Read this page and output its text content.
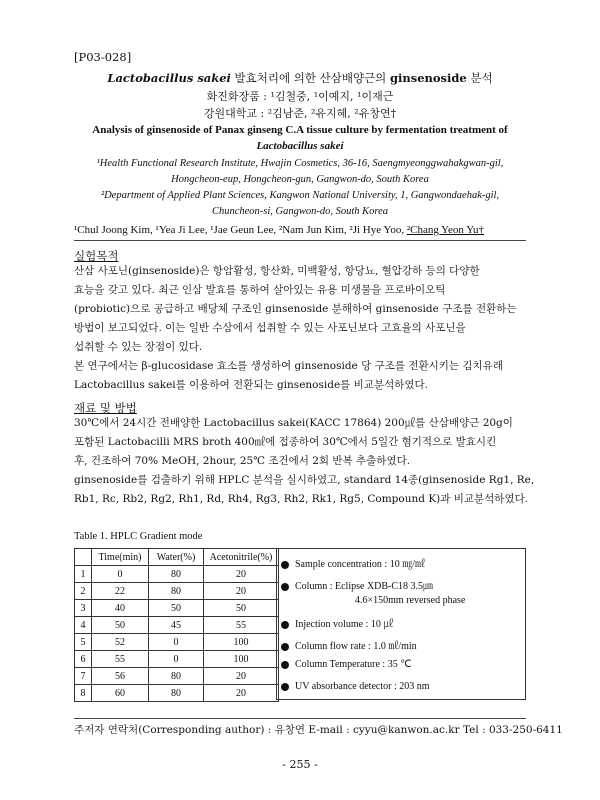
[P03-028]
Lactobacillus sakei 발효처리에 의한 산삼배양근의 ginsenoside 분석
화진화장품 : ¹김철중, ¹이예지, ¹이재근
강원대학교 : ²김남준, ²유지혜, ²유창연†
Analysis of ginsenoside of Panax ginseng C.A tissue culture by fermentation treatment of
Lactobacillus sakei
¹Health Functional Research Institute, Hwajin Cosmetics, 36-16, Saengmyeonggwahakgwan-gil,
Hongcheon-eup, Hongcheon-gun, Gangwon-do, South Korea
²Department of Applied Plant Sciences, Kangwon National University, 1, Gangwondaehak-gil,
Chuncheon-si, Gangwon-do, South Korea
¹Chul Joong Kim, ¹Yea Ji Lee, ¹Jae Geun Lee, ²Nam Jun Kim, ²Ji Hye Yoo, ²Chang Yeon Yu†
실험목적
산삼 사포닌(ginsenoside)은 항암활성, 항산화, 미백활성, 항당뇨, 혈압강하 등의 다양한
효능을 갖고 있다. 최근 인삼 발효를 통하여 살아있는 유용 미생물을 프로바이오틱
(probiotic)으로 공급하고 배당체 구조인 ginsenoside 분해하여 ginsenoside 구조를 전환하는
방법이 보고되었다. 이는 일반 수삼에서 섭취할 수 있는 사포닌보다 고효율의 사포닌을
섭취할 수 있는 장점이 있다.
본 연구에서는 β-glucosidase 효소를 생성하여 ginsenoside 당 구조를 전환시키는 김치유래
Lactobacillus sakei를 이용하여 전환되는 ginsenoside를 비교분석하였다.
재료 및 방법
30℃에서 24시간 전배양한 Lactobacillus sakei(KACC 17864) 200㎕를 산삼배양근 20g이
포함된 Lactobacilli MRS broth 400㎖에 접종하여 30℃에서 5일간 혐기적으로 발효시킨
후, 건조하여 70% MeOH, 2hour, 25℃ 조건에서 2회 반복 추출하였다.
ginsenoside를 검출하기 위해 HPLC 분석을 실시하였고, standard 14종(ginsenoside Rg1, Re,
Rb1, Rc, Rb2, Rg2, Rh1, Rd, Rh4, Rg3, Rh2, Rk1, Rg5, Compound K)과 비교분석하였다.
Table 1. HPLC Gradient mode
	Time(min)	Water(%)	Acetonitrile(%)
1	0	80	20
2	22	80	20
3	40	50	50
4	50	45	55
5	52	0	100
6	55	0	100
7	56	80	20
8	60	80	20
Sample concentration : 10 ㎎/㎖
Column : Eclipse XDB-C18 3.5㎛
4.6×150mm reversed phase
Injection volume : 10 ㎕
Column flow rate : 1.0 ㎖/min
Column Temperature : 35 ℃
UV absorbance detector : 203 nm
주저자 연락처(Corresponding author) : 유창연 E-mail : cyyu@kanwon.ac.kr Tel : 033-250-6411
- 255 -
